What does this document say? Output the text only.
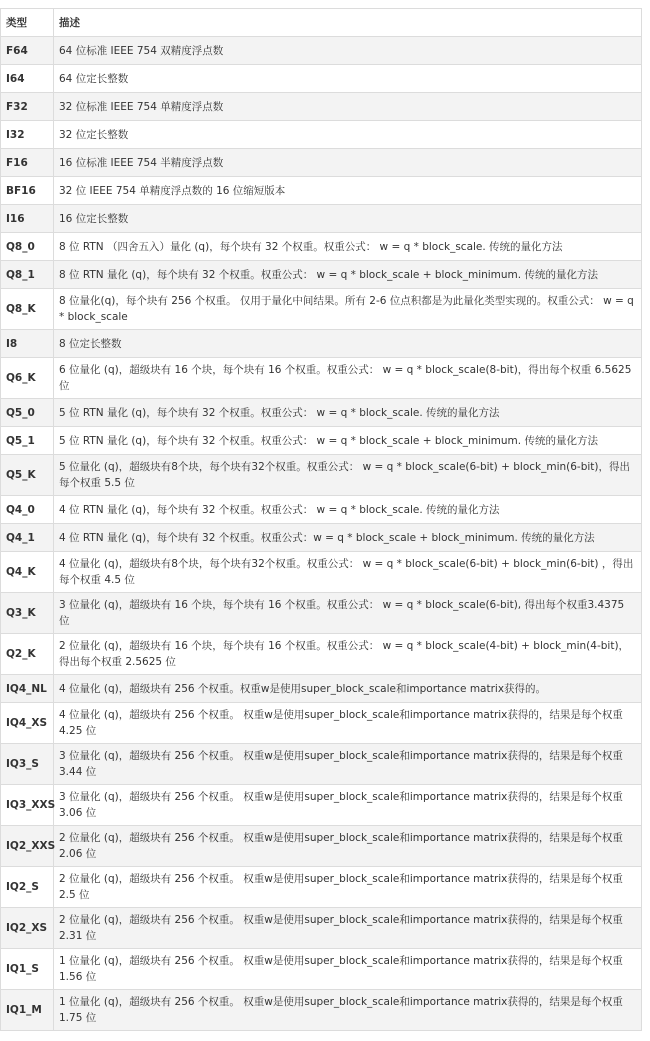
类型	描述
F64	64 位标准 IEEE 754 双精度浮点数
I64	64 位定长整数
F32	32 位标准 IEEE 754 单精度浮点数
I32	32 位定长整数
F16	16 位标准 IEEE 754 半精度浮点数
BF16	32 位 IEEE 754 单精度浮点数的 16 位缩短版本
I16	16 位定长整数
Q8_0	8 位 RTN （四舍五入）量化 (q)，每个块有 32 个权重。权重公式： w = q * block_scale. 传统的量化方法
Q8_1	8 位 RTN 量化 (q)，每个块有 32 个权重。权重公式： w = q * block_scale + block_minimum. 传统的量化方法
Q8_K	8 位量化(q)，每个块有 256 个权重。 仅用于量化中间结果。所有 2-6 位点积都是为此量化类型实现的。权重公式： w = q * block_scale
I8	8 位定长整数
Q6_K	6 位量化 (q)，超级块有 16 个块，每个块有 16 个权重。权重公式： w = q * block_scale(8-bit)，得出每个权重 6.5625 位
Q5_0	5 位 RTN 量化 (q)，每个块有 32 个权重。权重公式： w = q * block_scale. 传统的量化方法
Q5_1	5 位 RTN 量化 (q)，每个块有 32 个权重。权重公式： w = q * block_scale + block_minimum. 传统的量化方法
Q5_K	5 位量化 (q)，超级块有8个块，每个块有32个权重。权重公式： w = q * block_scale(6-bit) + block_min(6-bit)，得出每个权重 5.5 位
Q4_0	4 位 RTN 量化 (q)，每个块有 32 个权重。权重公式： w = q * block_scale. 传统的量化方法
Q4_1	4 位 RTN 量化 (q)，每个块有 32 个权重。权重公式：w = q * block_scale + block_minimum. 传统的量化方法
Q4_K	4 位量化 (q)，超级块有8个块，每个块有32个权重。权重公式： w = q * block_scale(6-bit) + block_min(6-bit) ，得出每个权重 4.5 位
Q3_K	3 位量化 (q)，超级块有 16 个块，每个块有 16 个权重。权重公式： w = q * block_scale(6-bit), 得出每个权重3.4375 位
Q2_K	2 位量化 (q)，超级块有 16 个块，每个块有 16 个权重。权重公式： w = q * block_scale(4-bit) + block_min(4-bit)，得出每个权重 2.5625 位
IQ4_NL	4 位量化 (q)，超级块有 256 个权重。权重w是使用super_block_scale和importance matrix获得的。
IQ4_XS	4 位量化 (q)，超级块有 256 个权重。 权重w是使用super_block_scale和importance matrix获得的，结果是每个权重 4.25 位
IQ3_S	3 位量化 (q)，超级块有 256 个权重。 权重w是使用super_block_scale和importance matrix获得的，结果是每个权重 3.44 位
IQ3_XXS	3 位量化 (q)，超级块有 256 个权重。 权重w是使用super_block_scale和importance matrix获得的，结果是每个权重 3.06 位
IQ2_XXS	2 位量化 (q)，超级块有 256 个权重。 权重w是使用super_block_scale和importance matrix获得的，结果是每个权重 2.06 位
IQ2_S	2 位量化 (q)，超级块有 256 个权重。 权重w是使用super_block_scale和importance matrix获得的，结果是每个权重 2.5 位
IQ2_XS	2 位量化 (q)，超级块有 256 个权重。 权重w是使用super_block_scale和importance matrix获得的，结果是每个权重 2.31 位
IQ1_S	1 位量化 (q)，超级块有 256 个权重。 权重w是使用super_block_scale和importance matrix获得的，结果是每个权重 1.56 位
IQ1_M	1 位量化 (q)，超级块有 256 个权重。 权重w是使用super_block_scale和importance matrix获得的，结果是每个权重 1.75 位
